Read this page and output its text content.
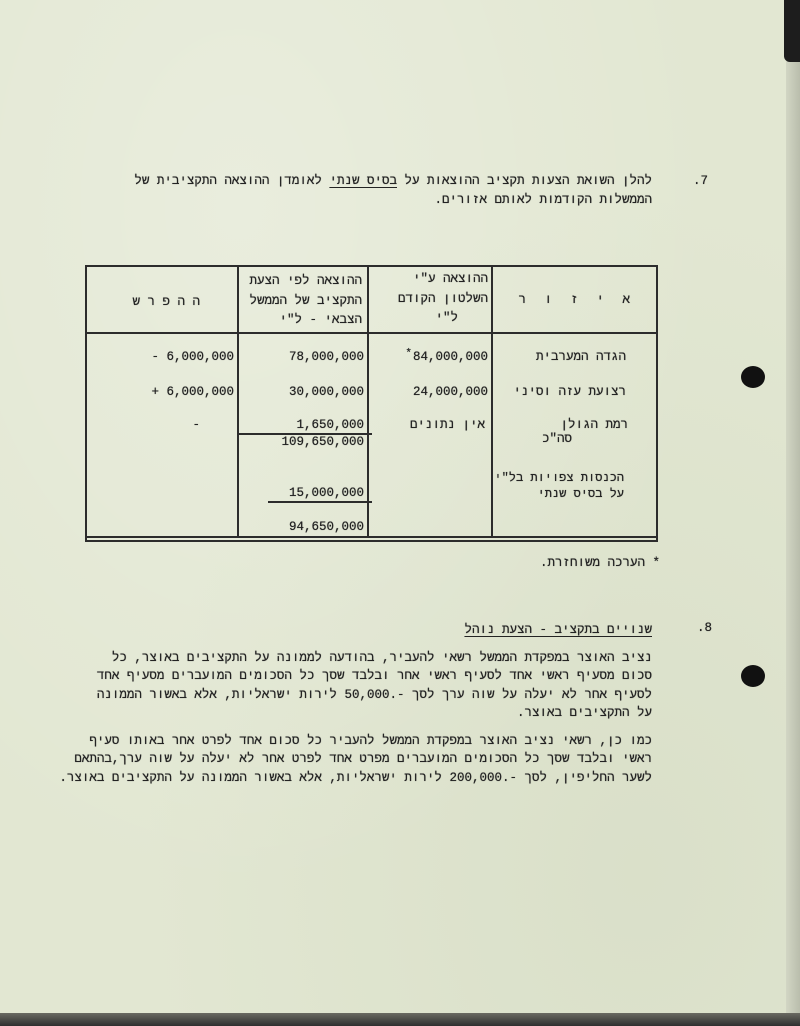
7.
להלן השואת הצעות תקציב ההוצאות על בסיס שנתי לאומדן ההוצאה התקציבית של
הממשלות הקודמות לאותם אזורים.
א י ז ו ר
ההוצאה ע"י
השלטון הקודם
ל"י
ההוצאה לפי הצעת
התקציב של הממשל
הצבאי - ל"י
ה ה פ ר ש
הגדה המערבית
*84,000,000
78,000,000
- 6,000,000
רצועת עזה וסיני
24,000,000
30,000,000
+ 6,000,000
רמת הגולן
אין נתונים
1,650,000
-
סה"כ
109,650,000
הכנסות צפויות בל"י
על בסיס שנתי
15,000,000
94,650,000
* הערכה משוחזרת.
8.
שנויים בתקציב - הצעת נוהל
נציב האוצר במפקדת הממשל רשאי להעביר, בהודעה לממונה על התקציבים באוצר, כל
סכום מסעיף ראשי אחד לסעיף ראשי אחר ובלבד שסך כל הסכומים המועברים מסעיף אחד
לסעיף אחר לא יעלה על שוה ערך לסך -.50,000 לירות ישראליות, אלא באשור הממונה
על התקציבים באוצר.
כמו כן, רשאי נציב האוצר במפקדת הממשל להעביר כל סכום אחד לפרט אחר באותו סעיף
ראשי ובלבד שסך כל הסכומים המועברים מפרט אחד לפרט אחר לא יעלה על שוה ערך,בהתאם
לשער החליפין, לסך -.200,000 לירות ישראליות, אלא באשור הממונה על התקציבים באוצר.
